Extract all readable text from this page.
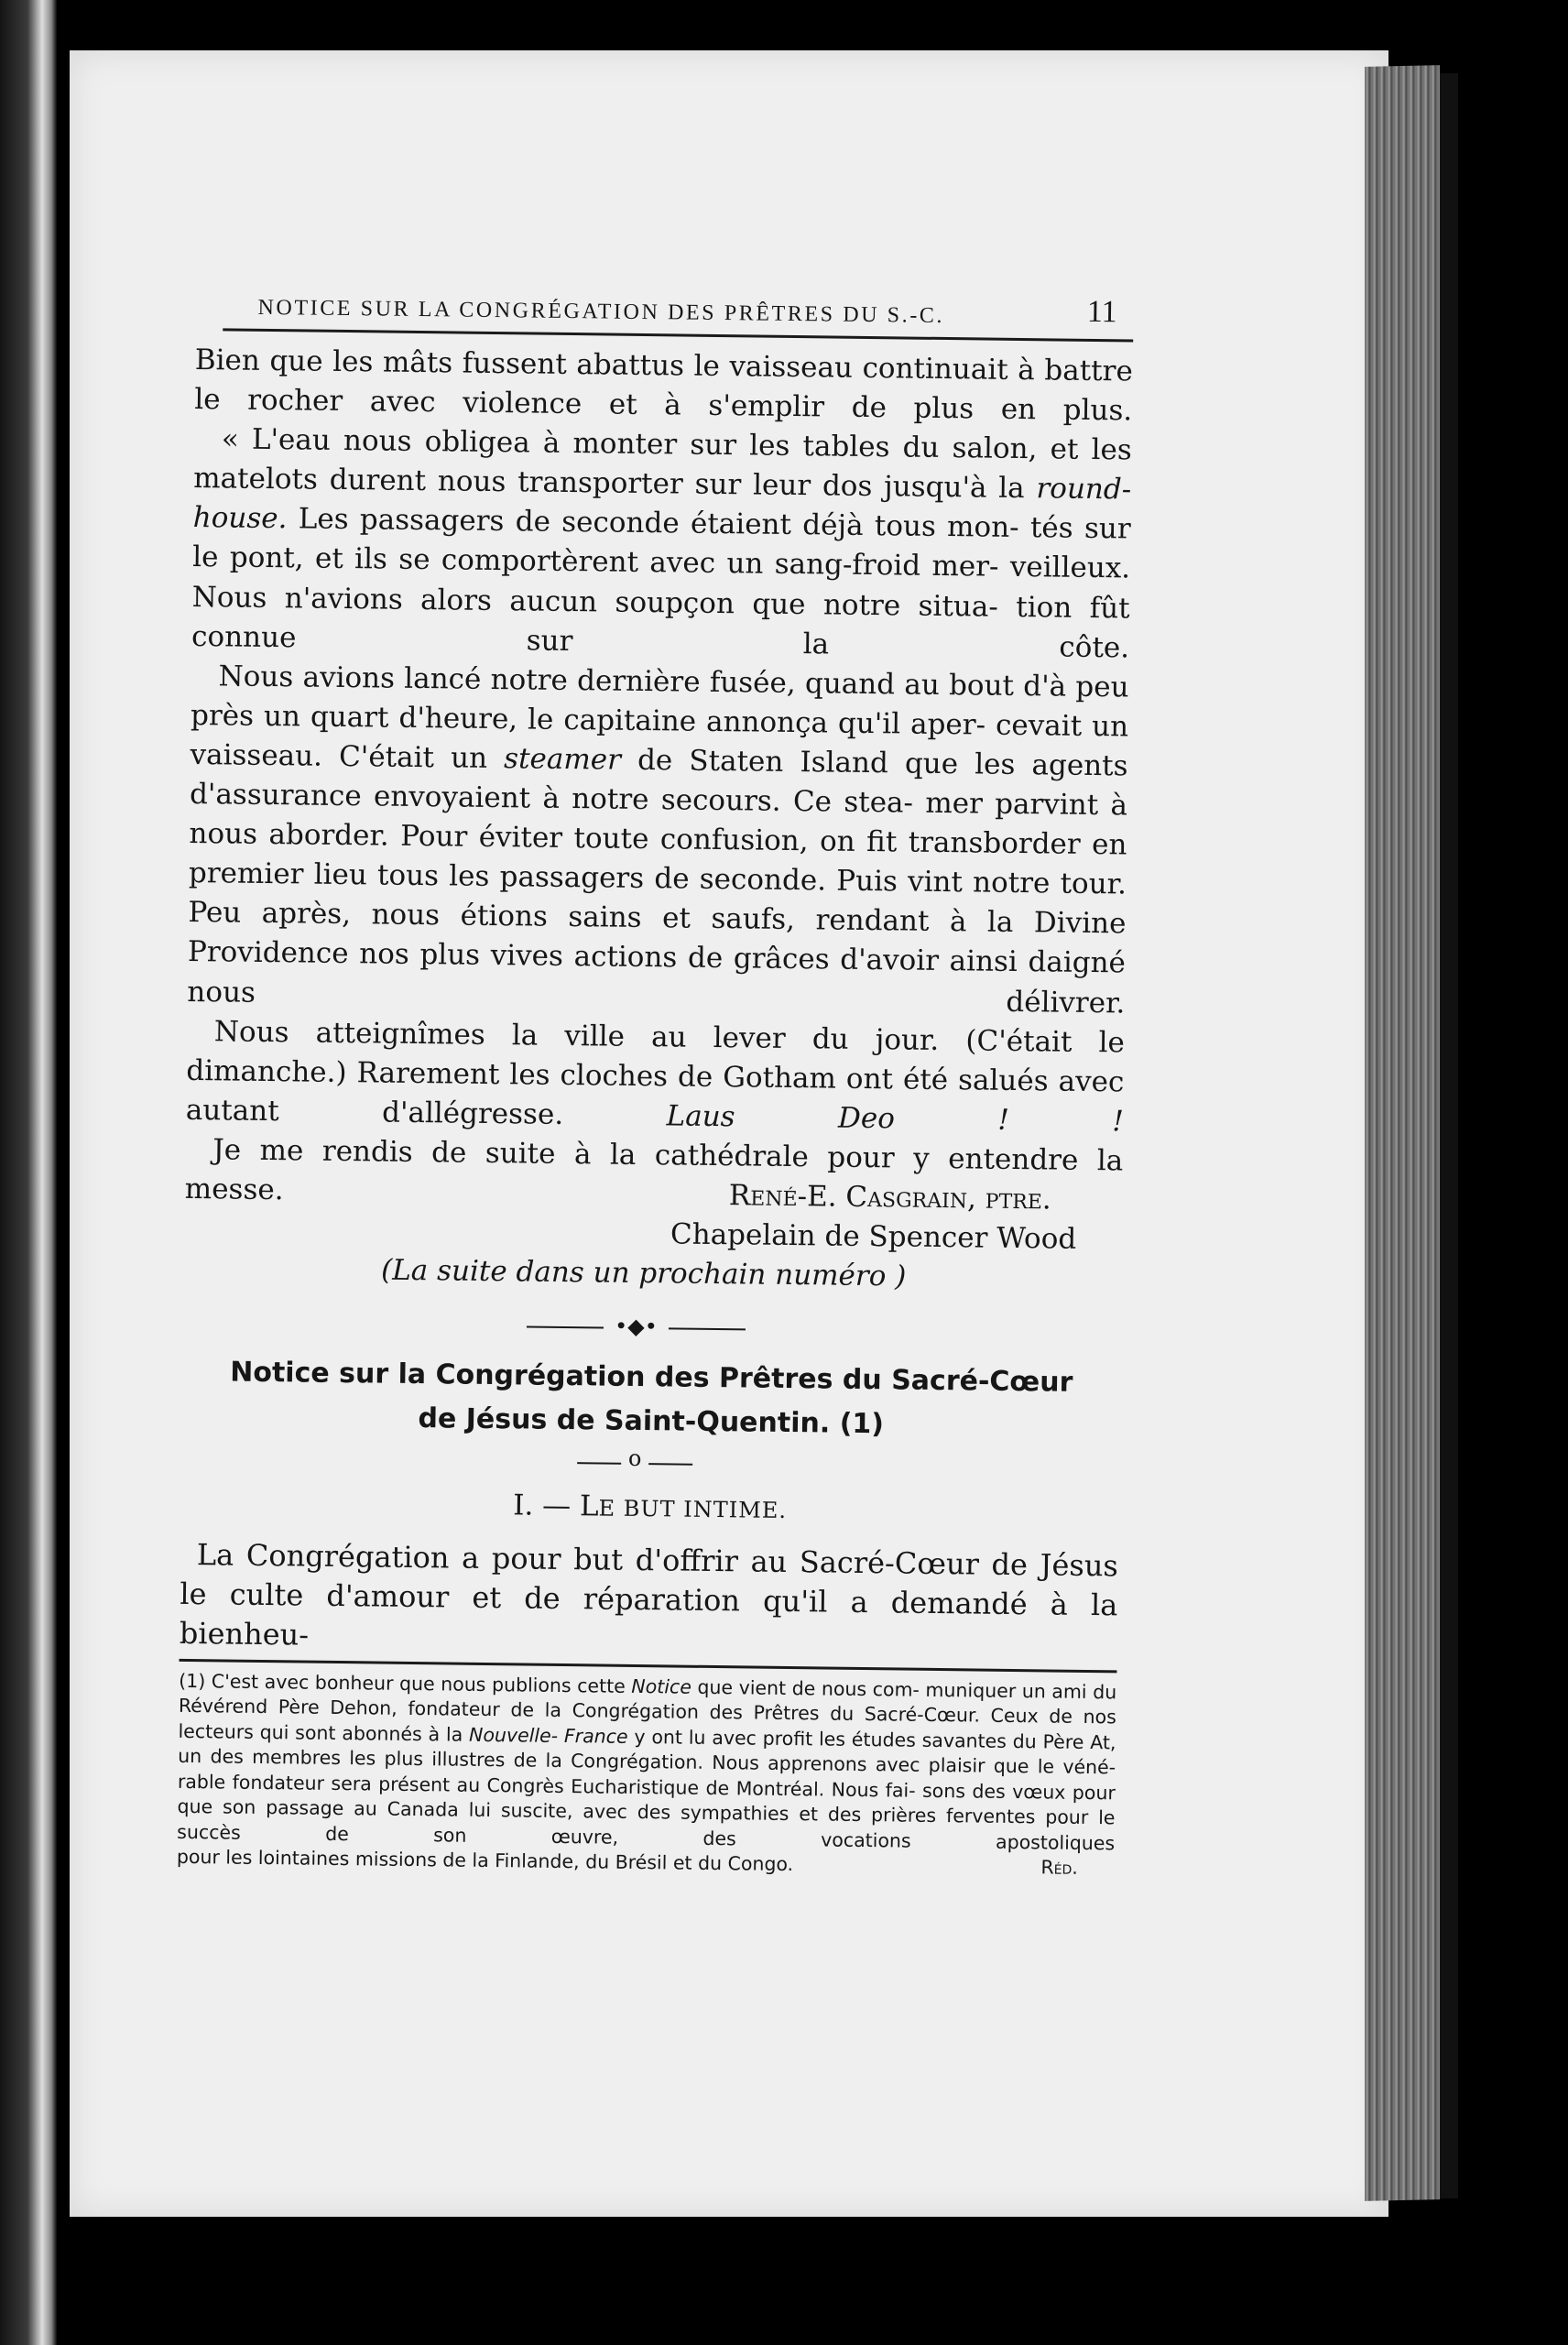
NOTICE SUR LA CONGRÉGATION DES PRÊTRES DU S.-C.	11

Bien que les mâts fussent abattus le vaisseau continuait à battre le rocher avec violence et à s'emplir de plus en plus.

« L'eau nous obligea à monter sur les tables du salon, et les matelots durent nous transporter sur leur dos jusqu'à la round-house. Les passagers de seconde étaient déjà tous mon- tés sur le pont, et ils se comportèrent avec un sang-froid mer- veilleux. Nous n'avions alors aucun soupçon que notre situa- tion fût connue sur la côte.

Nous avions lancé notre dernière fusée, quand au bout d'à peu près un quart d'heure, le capitaine annonça qu'il aper- cevait un vaisseau. C'était un steamer de Staten Island que les agents d'assurance envoyaient à notre secours. Ce stea- mer parvint à nous aborder. Pour éviter toute confusion, on fit transborder en premier lieu tous les passagers de seconde. Puis vint notre tour. Peu après, nous étions sains et saufs, rendant à la Divine Providence nos plus vives actions de grâces d'avoir ainsi daigné nous délivrer.

Nous atteignîmes la ville au lever du jour. (C'était le dimanche.) Rarement les cloches de Gotham ont été salués avec autant d'allégresse. Laus Deo ! !

Je me rendis de suite à la cathédrale pour y entendre la

messe.	René-E. Casgrain, ptre.
Chapelain de Spencer Wood
(La suite dans un prochain numéro )
•◆•
Notice sur la Congrégation des Prêtres du Sacré-Cœur
de Jésus de Saint-Quentin. (1)
o
I. — LE BUT INTIME.

La Congrégation a pour but d'offrir au Sacré-Cœur de Jésus le culte d'amour et de réparation qu'il a demandé à la bienheu-

(1) C'est avec bonheur que nous publions cette Notice que vient de nous com- muniquer un ami du Révérend Père Dehon, fondateur de la Congrégation des Prêtres du Sacré-Cœur. Ceux de nos lecteurs qui sont abonnés à la Nouvelle- France y ont lu avec profit les études savantes du Père At, un des membres les plus illustres de la Congrégation. Nous apprenons avec plaisir que le véné- rable fondateur sera présent au Congrès Eucharistique de Montréal. Nous fai- sons des vœux pour que son passage au Canada lui suscite, avec des sympathies et des prières ferventes pour le succès de son œuvre, des vocations apostoliques

pour les lointaines missions de la Finlande, du Brésil et du Congo.	Réd.
